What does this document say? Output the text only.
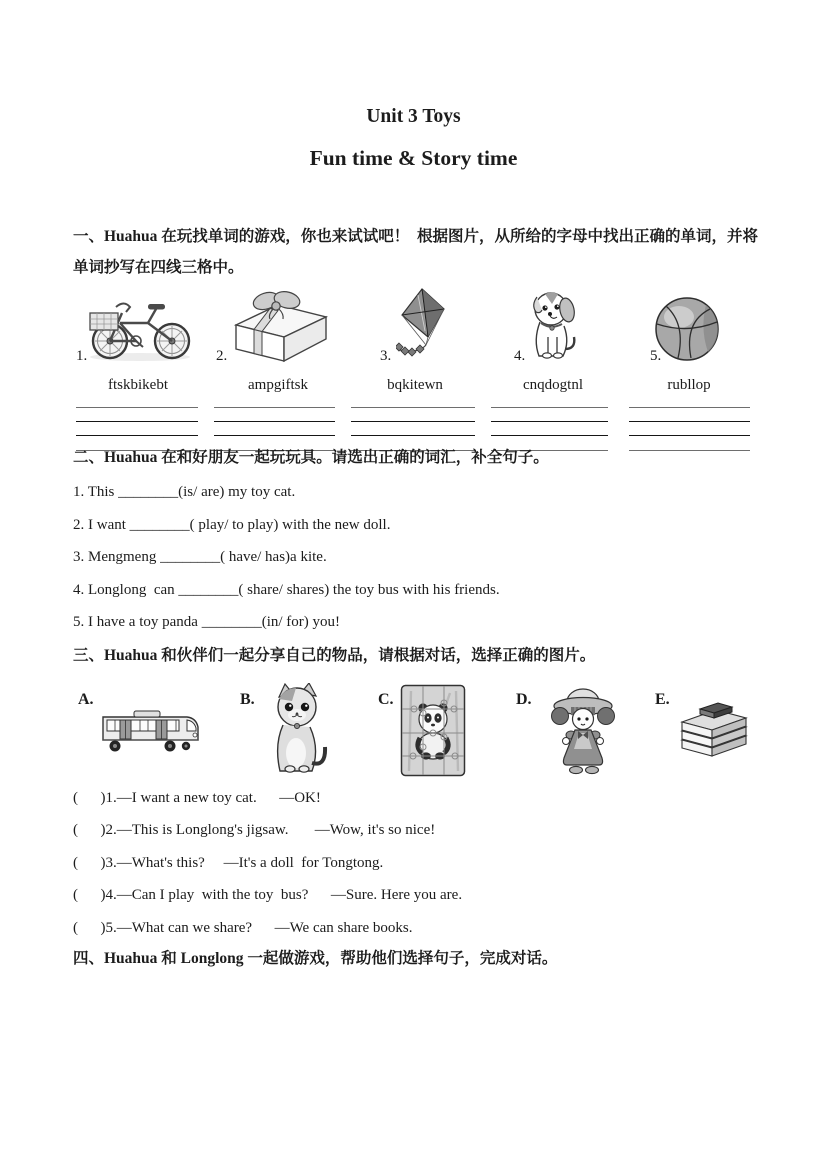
Unit 3 Toys
Fun time & Story time
一、Huahua 在玩找单词的游戏，你也来试试吧！  根据图片，从所给的字母中找出正确的单词，并将
单词抄写在四线三格中。
1.	2.	3.	4.	5.
ftskbikebt	ampgiftsk	bqkitewn	cnqdogtnl	rubllop
二、Huahua 在和好朋友一起玩玩具。请选出正确的词汇，补全句子。
1. This ________(is/ are) my toy cat.
2. I want ________( play/ to play) with the new doll.
3. Mengmeng ________( have/ has)a kite.
4. Longlong  can ________( share/ shares) the toy bus with his friends.
5. I have a toy panda ________(in/ for) you!
三、Huahua 和伙伴们一起分享自己的物品，请根据对话，选择正确的图片。
A.	B.	C.	D.	E.
(      )1.—I want a new toy cat.      —OK!
(      )2.—This is Longlong's jigsaw.       —Wow, it's so nice!
(      )3.—What's this?     —It's a doll  for Tongtong.
(      )4.—Can I play  with the toy  bus?      —Sure. Here you are.
(      )5.—What can we share?      —We can share books.
四、Huahua 和 Longlong 一起做游戏，帮助他们选择句子，完成对话。
